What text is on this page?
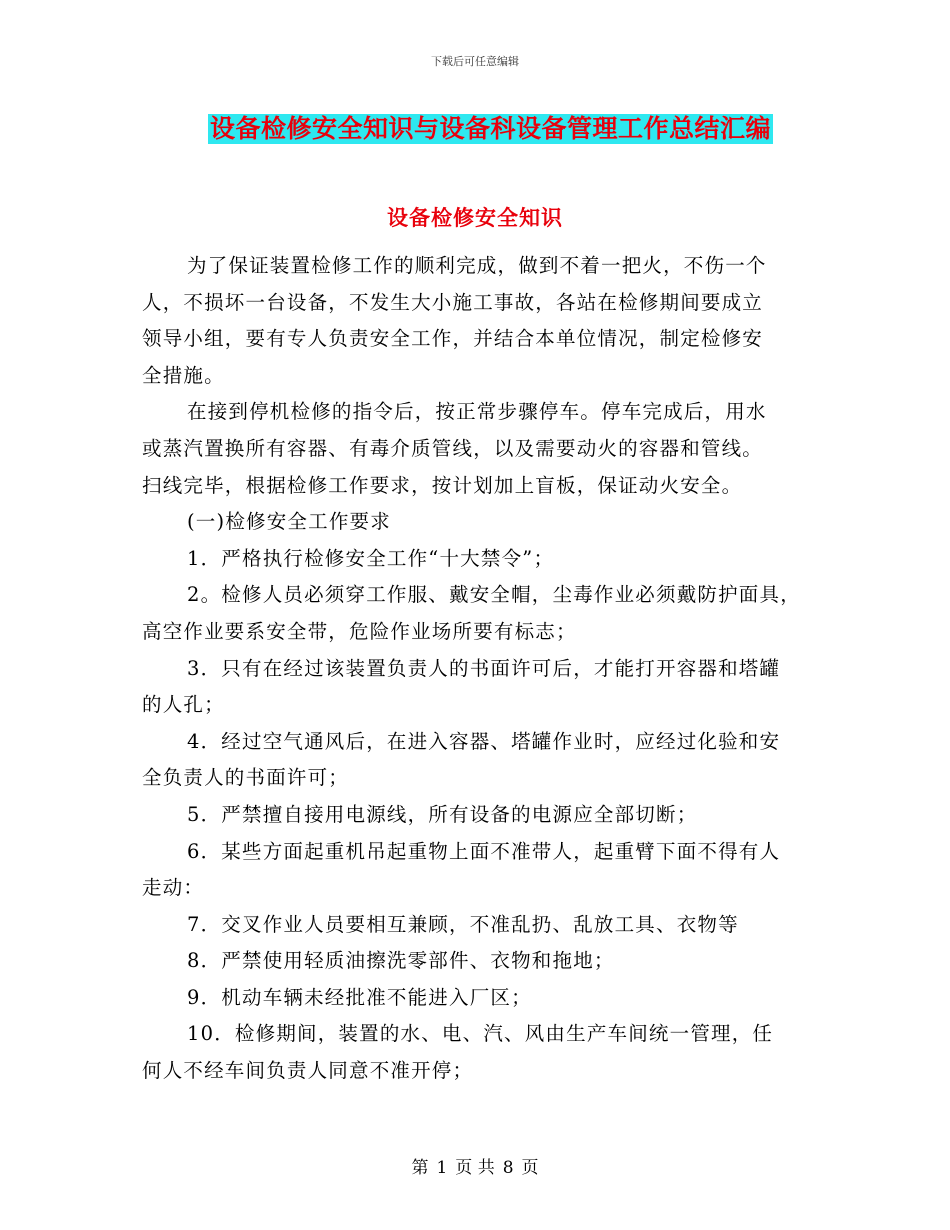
下载后可任意编辑
设备检修安全知识与设备科设备管理工作总结汇编
设备检修安全知识
为了保证装置检修工作的顺利完成，做到不着一把火，不伤一个
人，不损坏一台设备，不发生大小施工事故，各站在检修期间要成立
领导小组，要有专人负责安全工作，并结合本单位情况，制定检修安
全措施。
在接到停机检修的指令后，按正常步骤停车。停车完成后，用水
或蒸汽置换所有容器、有毒介质管线，以及需要动火的容器和管线。
扫线完毕，根据检修工作要求，按计划加上盲板，保证动火安全。
(一)检修安全工作要求
1．严格执行检修安全工作“十大禁令”；
2。检修人员必须穿工作服、戴安全帽，尘毒作业必须戴防护面具，
高空作业要系安全带，危险作业场所要有标志；
3．只有在经过该装置负责人的书面许可后，才能打开容器和塔罐
的人孔；
4．经过空气通风后，在进入容器、塔罐作业时，应经过化验和安
全负责人的书面许可；
5．严禁擅自接用电源线，所有设备的电源应全部切断；
6．某些方面起重机吊起重物上面不准带人，起重臂下面不得有人
走动：
7．交叉作业人员要相互兼顾，不准乱扔、乱放工具、衣物等
8．严禁使用轻质油擦洗零部件、衣物和拖地；
9．机动车辆未经批准不能进入厂区；
10．检修期间，装置的水、电、汽、风由生产车间统一管理，任
何人不经车间负责人同意不准开停；
第 1 页 共 8 页
